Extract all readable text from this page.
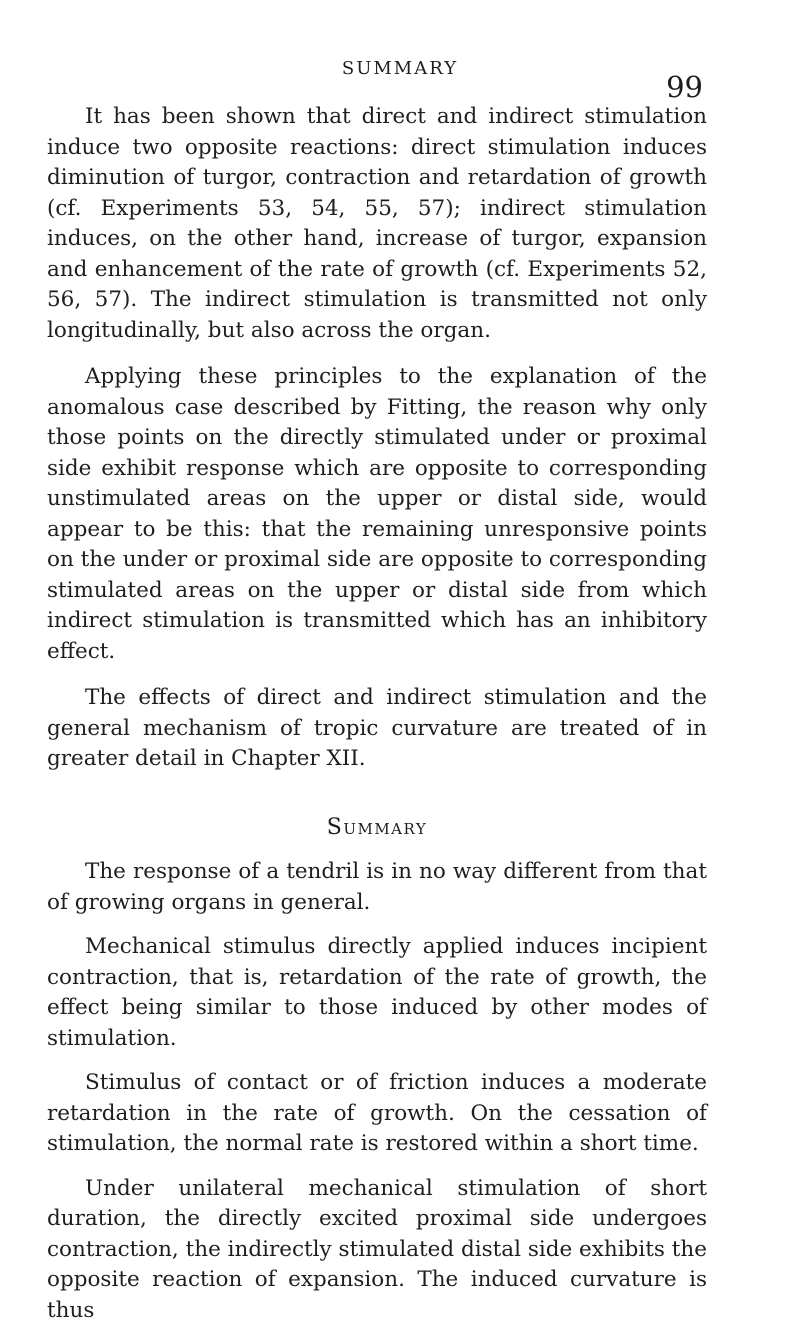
SUMMARY
99

It has been shown that direct and indirect stimulation induce two opposite reactions: direct stimulation induces diminution of turgor, contraction and retardation of growth (cf. Experiments 53, 54, 55, 57); indirect stimulation induces, on the other hand, increase of turgor, expansion and enhancement of the rate of growth (cf. Experiments 52, 56, 57). The indirect stimulation is transmitted not only longitudinally, but also across the organ.

Applying these principles to the explanation of the anomalous case described by Fitting, the reason why only those points on the directly stimulated under or proximal side exhibit response which are opposite to corresponding unstimulated areas on the upper or distal side, would appear to be this: that the remaining unresponsive points on the under or proximal side are opposite to corresponding stimulated areas on the upper or distal side from which indirect stimulation is transmitted which has an inhibitory effect.

The effects of direct and indirect stimulation and the general mechanism of tropic curvature are treated of in greater detail in Chapter XII.

Summary

The response of a tendril is in no way different from that of growing organs in general.

Mechanical stimulus directly applied induces incipient contraction, that is, retardation of the rate of growth, the effect being similar to those induced by other modes of stimulation.

Stimulus of contact or of friction induces a moderate retardation in the rate of growth. On the cessation of stimulation, the normal rate is restored within a short time.

Under unilateral mechanical stimulation of short duration, the directly excited proximal side undergoes contraction, the indirectly stimulated distal side exhibits the opposite reaction of expansion. The induced curvature is thus
